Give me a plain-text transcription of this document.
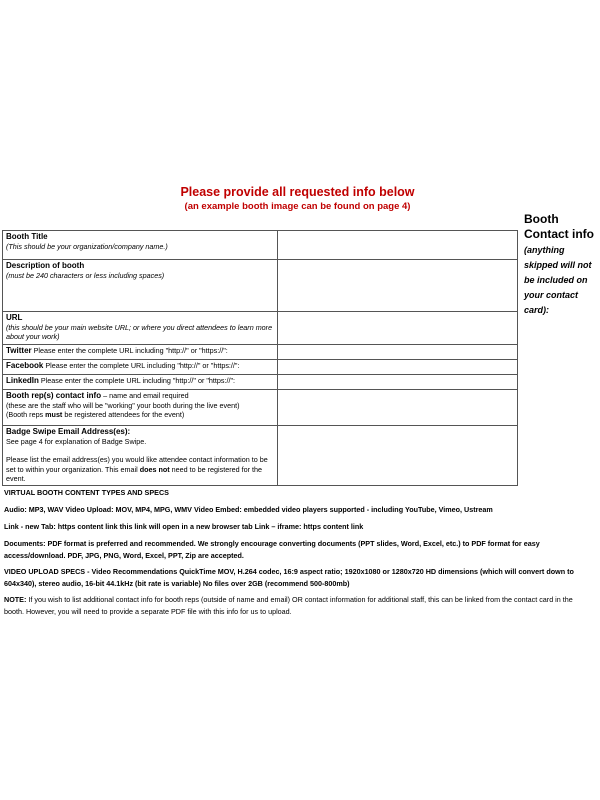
Please provide all requested info below
(an example booth image can be found on page 4)
Booth Contact info (anything skipped will not be included on your contact card):
Booth Title
(This should be your organization/company name.)	

Description of booth
(must be 240 characters or less including spaces)	

URL
(this should be your main website URL; or where you direct attendees to learn more about your work)	

Twitter Please enter the complete URL including "http://" or "https://":	
Facebook Please enter the complete URL including "http://" or "https://":	
LinkedIn Please enter the complete URL including "http://" or "https://":	

Booth rep(s) contact info – name and email required
(these are the staff who will be "working" your booth during the live event)
(Booth reps must be registered attendees for the event)	

Badge Swipe Email Address(es):
See page 4 for explanation of Badge Swipe.
Please list the email address(es) you would like attendee contact information to be set to within your organization. This email does not need to be registered for the event.	

VIRTUAL BOOTH CONTENT TYPES AND SPECS
Audio: MP3, WAV Video Upload: MOV, MP4, MPG, WMV Video Embed: embedded video players supported - including YouTube, Vimeo, Ustream
Link - new Tab: https content link this link will open in a new browser tab Link – iframe: https content link
Documents: PDF format is preferred and recommended. We strongly encourage converting documents (PPT slides, Word, Excel, etc.) to PDF format for easy access/download. PDF, JPG, PNG, Word, Excel, PPT, Zip are accepted.
VIDEO UPLOAD SPECS - Video Recommendations QuickTime MOV, H.264 codec, 16:9 aspect ratio; 1920x1080 or 1280x720 HD dimensions (which will convert down to 604x340), stereo audio, 16-bit 44.1kHz (bit rate is variable) No files over 2GB (recommend 500-800mb)
NOTE: If you wish to list additional contact info for booth reps (outside of name and email) OR contact information for additional staff, this can be linked from the contact card in the booth. However, you will need to provide a separate PDF file with this info for us to upload.
